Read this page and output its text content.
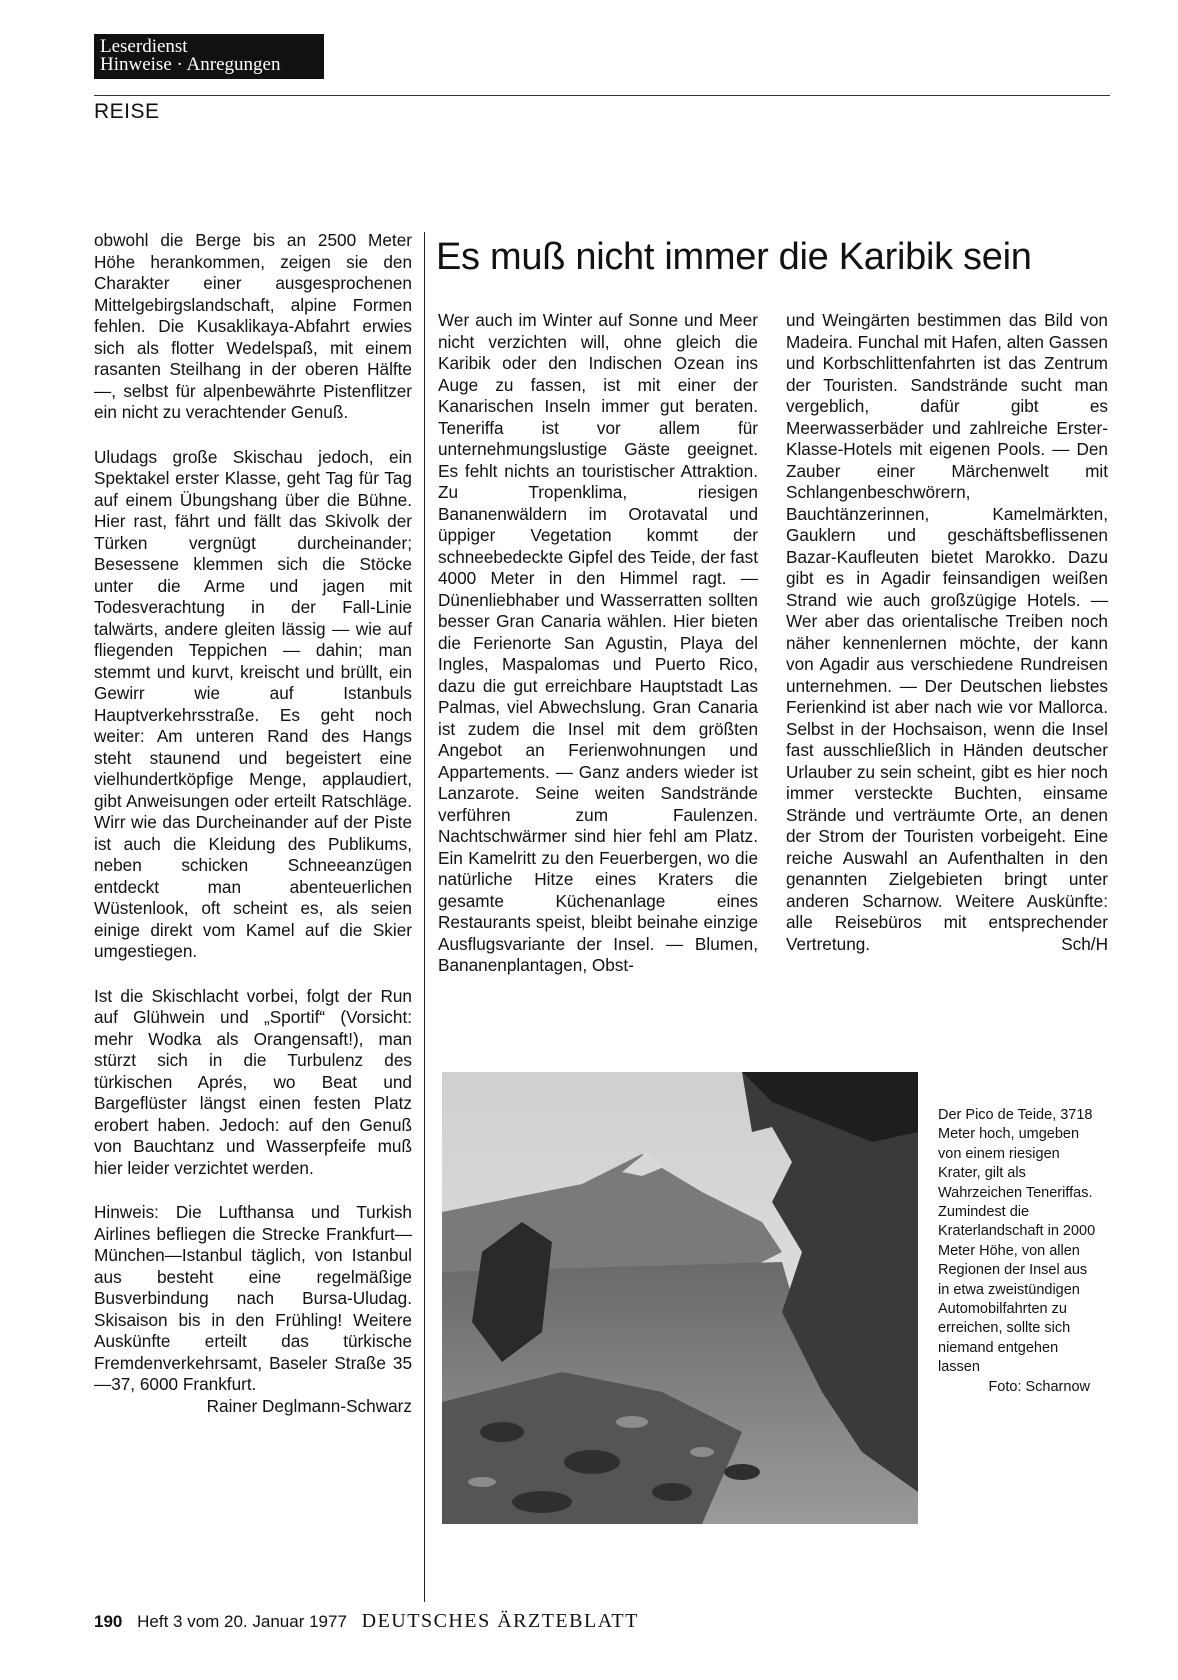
Leserdienst
Hinweise · Anregungen
REISE

obwohl die Berge bis an 2500 Meter Höhe herankommen, zeigen sie den Charakter einer ausgesprochenen Mittelgebirgslandschaft, alpine Formen fehlen. Die Kusaklikaya-Abfahrt erwies sich als flotter Wedelspaß, mit einem rasanten Steilhang in der oberen Hälfte —, selbst für alpenbewährte Pistenflitzer ein nicht zu verachtender Genuß.

Uludags große Skischau jedoch, ein Spektakel erster Klasse, geht Tag für Tag auf einem Übungshang über die Bühne. Hier rast, fährt und fällt das Skivolk der Türken vergnügt durcheinander; Besessene klemmen sich die Stöcke unter die Arme und jagen mit Todesverachtung in der Fall-Linie talwärts, andere gleiten lässig — wie auf fliegenden Teppichen — dahin; man stemmt und kurvt, kreischt und brüllt, ein Gewirr wie auf Istanbuls Hauptverkehrsstraße. Es geht noch weiter: Am unteren Rand des Hangs steht staunend und begeistert eine vielhundertköpfige Menge, applaudiert, gibt Anweisungen oder erteilt Ratschläge. Wirr wie das Durcheinander auf der Piste ist auch die Kleidung des Publikums, neben schicken Schneeanzügen entdeckt man abenteuerlichen Wüstenlook, oft scheint es, als seien einige direkt vom Kamel auf die Skier umgestiegen.

Ist die Skischlacht vorbei, folgt der Run auf Glühwein und „Sportif“ (Vorsicht: mehr Wodka als Orangensaft!), man stürzt sich in die Turbulenz des türkischen Aprés, wo Beat und Bargeflüster längst einen festen Platz erobert haben. Jedoch: auf den Genuß von Bauchtanz und Wasserpfeife muß hier leider verzichtet werden.

Hinweis: Die Lufthansa und Turkish Airlines befliegen die Strecke Frankfurt—München—Istanbul täglich, von Istanbul aus besteht eine regelmäßige Busverbindung nach Bursa-Uludag. Skisaison bis in den Frühling! Weitere Auskünfte erteilt das türkische Fremdenverkehrsamt, Baseler Straße 35—37, 6000 Frankfurt.
Rainer Deglmann-Schwarz

Es muß nicht immer die Karibik sein

Wer auch im Winter auf Sonne und Meer nicht verzichten will, ohne gleich die Karibik oder den Indischen Ozean ins Auge zu fassen, ist mit einer der Kanarischen Inseln immer gut beraten. Teneriffa ist vor allem für unternehmungslustige Gäste geeignet. Es fehlt nichts an touristischer Attraktion. Zu Tropenklima, riesigen Bananenwäldern im Orotavatal und üppiger Vegetation kommt der schneebedeckte Gipfel des Teide, der fast 4000 Meter in den Himmel ragt. — Dünenliebhaber und Wasserratten sollten besser Gran Canaria wählen. Hier bieten die Ferienorte San Agustin, Playa del Ingles, Maspalomas und Puerto Rico, dazu die gut erreichbare Hauptstadt Las Palmas, viel Abwechslung. Gran Canaria ist zudem die Insel mit dem größten Angebot an Ferienwohnungen und Appartements. — Ganz anders wieder ist Lanzarote. Seine weiten Sandstrände verführen zum Faulenzen. Nachtschwärmer sind hier fehl am Platz. Ein Kamelritt zu den Feuerbergen, wo die natürliche Hitze eines Kraters die gesamte Küchenanlage eines Restaurants speist, bleibt beinahe einzige Ausflugsvariante der Insel. — Blumen, Bananenplantagen, Obst-

und Weingärten bestimmen das Bild von Madeira. Funchal mit Hafen, alten Gassen und Korbschlittenfahrten ist das Zentrum der Touristen. Sandstrände sucht man vergeblich, dafür gibt es Meerwasserbäder und zahlreiche Erster-Klasse-Hotels mit eigenen Pools. — Den Zauber einer Märchenwelt mit Schlangenbeschwörern, Bauchtänzerinnen, Kamelmärkten, Gauklern und geschäftsbeflissenen Bazar-Kaufleuten bietet Marokko. Dazu gibt es in Agadir feinsandigen weißen Strand wie auch großzügige Hotels. — Wer aber das orientalische Treiben noch näher kennenlernen möchte, der kann von Agadir aus verschiedene Rundreisen unternehmen. — Der Deutschen liebstes Ferienkind ist aber nach wie vor Mallorca. Selbst in der Hochsaison, wenn die Insel fast ausschließlich in Händen deutscher Urlauber zu sein scheint, gibt es hier noch immer versteckte Buchten, einsame Strände und verträumte Orte, an denen der Strom der Touristen vorbeigeht. Eine reiche Auswahl an Aufenthalten in den genannten Zielgebieten bringt unter anderen Scharnow. Weitere Auskünfte: alle Reisebüros mit entsprechender Vertretung.	Sch/H

Der Pico de Teide, 3718 Meter hoch, umgeben von einem riesigen Krater, gilt als Wahrzeichen Teneriffas. Zumindest die Kraterlandschaft in 2000 Meter Höhe, von allen Regionen der Insel aus in etwa zweistündigen Automobilfahrten zu erreichen, sollte sich niemand entgehen lassen
Foto: Scharnow
190 Heft 3 vom 20. Januar 1977 DEUTSCHES ÄRZTEBLATT
